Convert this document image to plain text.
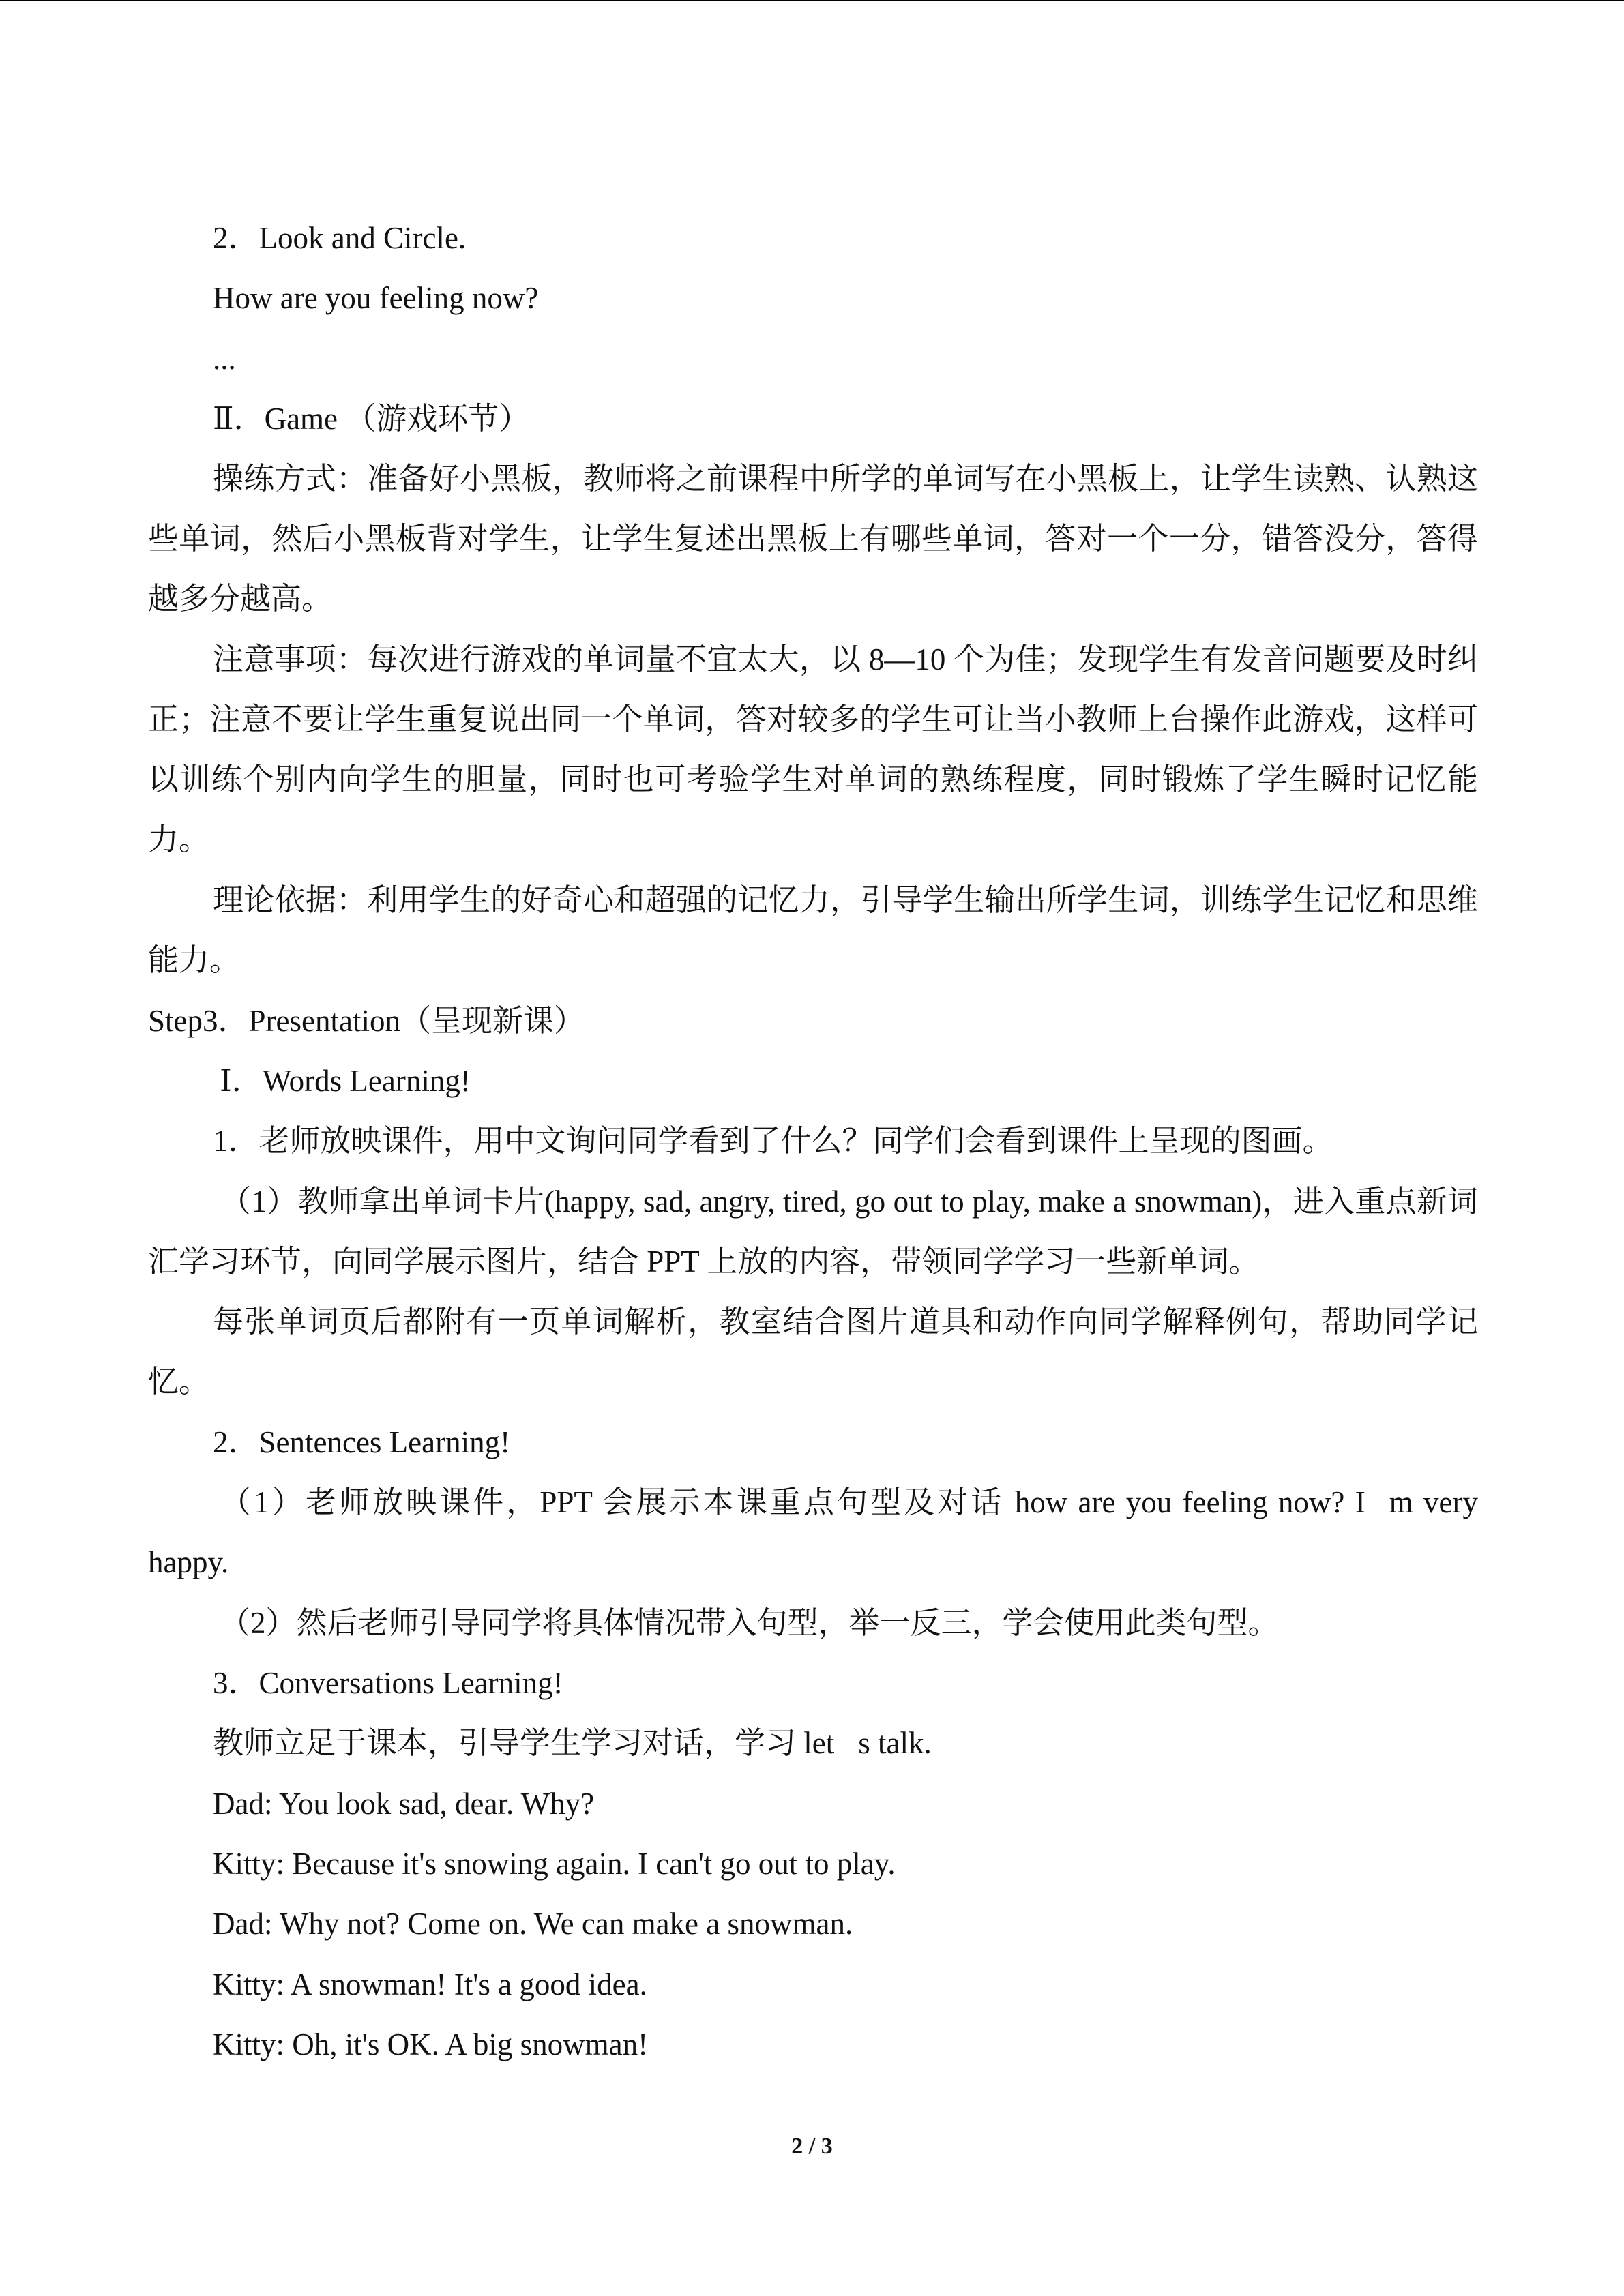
2．Look and Circle.
How are you feeling now?
...
Ⅱ．Game （游戏环节）
操练方式：准备好小黑板，教师将之前课程中所学的单词写在小黑板上，让学生读熟、认熟这些单词，然后小黑板背对学生，让学生复述出黑板上有哪些单词，答对一个一分，错答没分，答得越多分越高。
注意事项：每次进行游戏的单词量不宜太大，以 8—10 个为佳；发现学生有发音问题要及时纠正；注意不要让学生重复说出同一个单词，答对较多的学生可让当小教师上台操作此游戏，这样可以训练个别内向学生的胆量，同时也可考验学生对单词的熟练程度，同时锻炼了学生瞬时记忆能力。
理论依据：利用学生的好奇心和超强的记忆力，引导学生输出所学生词，训练学生记忆和思维能力。
Step3．Presentation（呈现新课）
Ⅰ．Words Learning!
1．老师放映课件，用中文询问同学看到了什么？同学们会看到课件上呈现的图画。
（1）教师拿出单词卡片(happy, sad, angry, tired, go out to play, make a snowman)，进入重点新词汇学习环节，向同学展示图片，结合 PPT 上放的内容，带领同学学习一些新单词。
每张单词页后都附有一页单词解析，教室结合图片道具和动作向同学解释例句，帮助同学记忆。
2．Sentences Learning!
（1）老师放映课件，PPT 会展示本课重点句型及对话 how are you feeling now? I m very happy.
（2）然后老师引导同学将具体情况带入句型，举一反三，学会使用此类句型。
3．Conversations Learning!
教师立足于课本，引导学生学习对话，学习 let s talk.
Dad: You look sad, dear. Why?
Kitty: Because it's snowing again. I can't go out to play.
Dad: Why not? Come on. We can make a snowman.
Kitty: A snowman! It's a good idea.
Kitty: Oh, it's OK. A big snowman!
2 / 3
